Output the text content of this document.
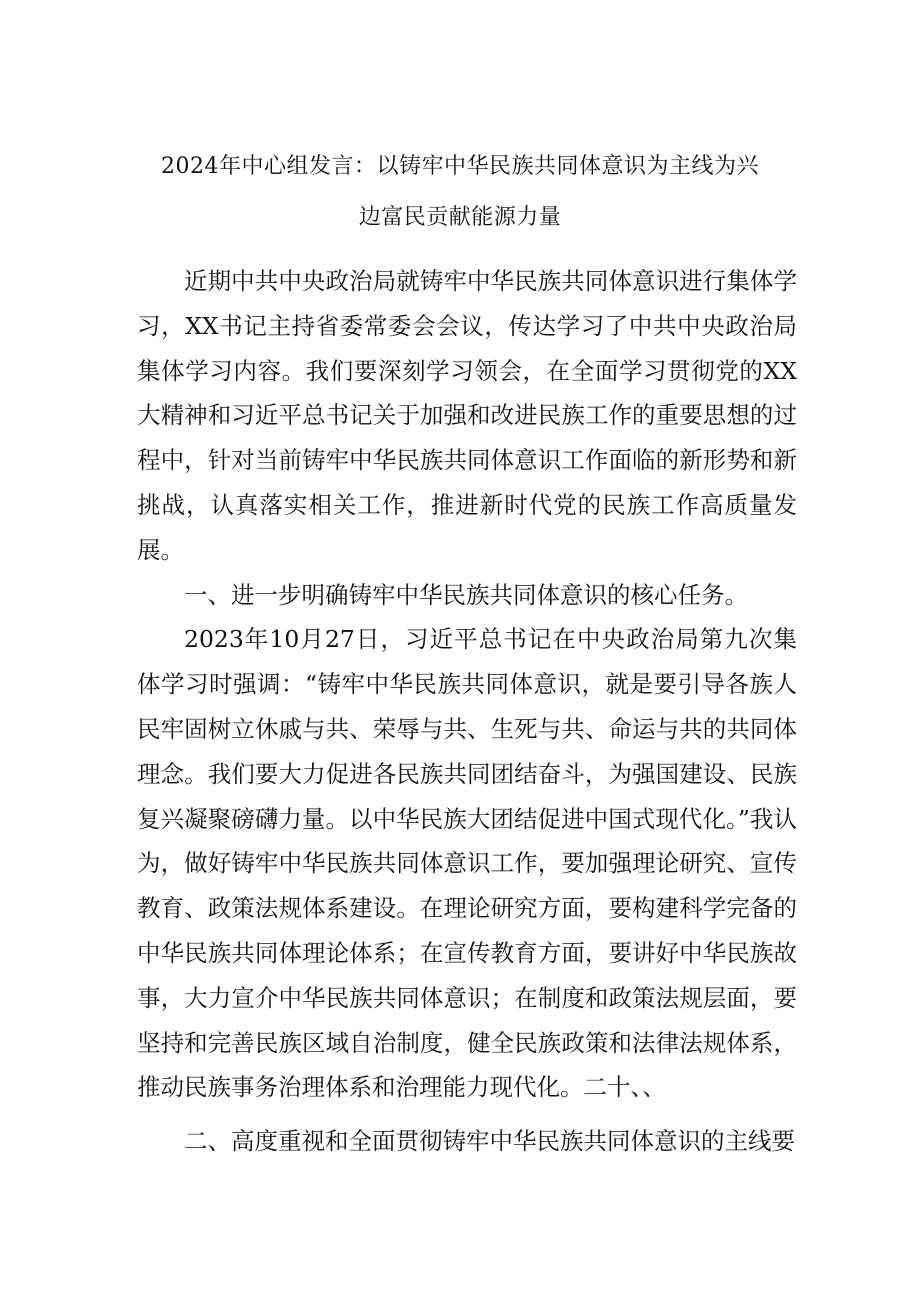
2024年中心组发言：以铸牢中华民族共同体意识为主线为兴
边富民贡献能源力量

近期中共中央政治局就铸牢中华民族共同体意识进行集体学习，XX书记主持省委常委会会议，传达学习了中共中央政治局集体学习内容。我们要深刻学习领会，在全面学习贯彻党的XX大精神和习近平总书记关于加强和改进民族工作的重要思想的过程中，针对当前铸牢中华民族共同体意识工作面临的新形势和新挑战，认真落实相关工作，推进新时代党的民族工作高质量发展。

一、进一步明确铸牢中华民族共同体意识的核心任务。

2023年10月27日，习近平总书记在中央政治局第九次集体学习时强调：“铸牢中华民族共同体意识，就是要引导各族人民牢固树立休戚与共、荣辱与共、生死与共、命运与共的共同体理念。我们要大力促进各民族共同团结奋斗，为强国建设、民族复兴凝聚磅礴力量。以中华民族大团结促进中国式现代化。”我认为，做好铸牢中华民族共同体意识工作，要加强理论研究、宣传教育、政策法规体系建设。在理论研究方面，要构建科学完备的中华民族共同体理论体系；在宣传教育方面，要讲好中华民族故事，大力宣介中华民族共同体意识；在制度和政策法规层面，要坚持和完善民族区域自治制度，健全民族政策和法律法规体系，推动民族事务治理体系和治理能力现代化。二十、、

二、高度重视和全面贯彻铸牢中华民族共同体意识的主线要
